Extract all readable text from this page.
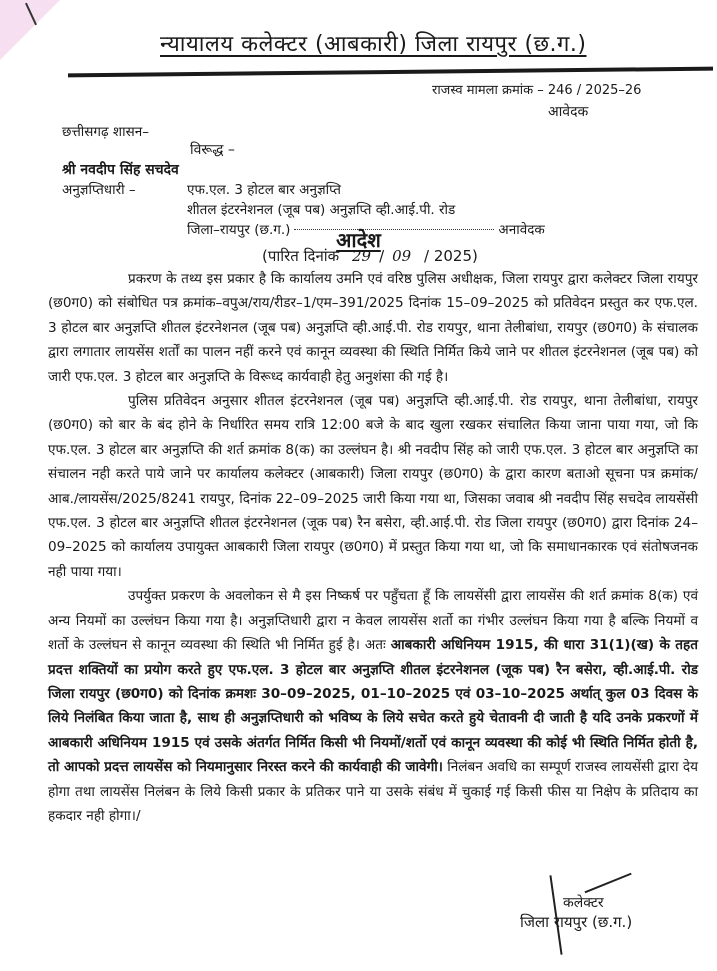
न्यायालय कलेक्टर (आबकारी) जिला रायपुर (छ.ग.)
राजस्व मामला क्रमांक – 246 / 2025–26
आवेदक
छत्तीसगढ़ शासन–
विरूद्ध –
श्री नवदीप सिंह सचदेव
अनुज्ञप्तिधारी –	एफ.एल. 3 होटल बार अनुज्ञप्ति
शीतल इंटरनेशनल (जूब पब) अनुज्ञप्ति व्ही.आई.पी. रोड
जिला–रायपुर (छ.ग.)	अनावेदक
आदेश
(पारित दिनांक 29 / 09 / 2025)

प्रकरण के तथ्य इस प्रकार है कि कार्यालय उमनि एवं वरिष्ठ पुलिस अधीक्षक, जिला रायपुर द्वारा कलेक्टर जिला रायपुर (छ0ग0) को संबोधित पत्र क्रमांक–वपुअ/राय/रीडर–1/एम–391/2025 दिनांक 15–09–2025 को प्रतिवेदन प्रस्तुत कर एफ.एल. 3 होटल बार अनुज्ञप्ति शीतल इंटरनेशनल (जूब पब) अनुज्ञप्ति व्ही.आई.पी. रोड रायपुर, थाना तेलीबांधा, रायपुर (छ0ग0) के संचालक द्वारा लगातार लायसेंस शर्तों का पालन नहीं करने एवं कानून व्यवस्था की स्थिति निर्मित किये जाने पर शीतल इंटरनेशनल (जूब पब) को जारी एफ.एल. 3 होटल बार अनुज्ञप्ति के विरूध्द कार्यवाही हेतु अनुशंसा की गई है।

पुलिस प्रतिवेदन अनुसार शीतल इंटरनेशनल (जूब पब) अनुज्ञप्ति व्ही.आई.पी. रोड रायपुर, थाना तेलीबांधा, रायपुर (छ0ग0) को बार के बंद होने के निर्धारित समय रात्रि 12:00 बजे के बाद खुला रखकर संचालित किया जाना पाया गया, जो कि एफ.एल. 3 होटल बार अनुज्ञप्ति की शर्त क्रमांक 8(क) का उल्लंघन है। श्री नवदीप सिंह को जारी एफ.एल. 3 होटल बार अनुज्ञप्ति का संचालन नही करते पाये जाने पर कार्यालय कलेक्टर (आबकारी) जिला रायपुर (छ0ग0) के द्वारा कारण बताओ सूचना पत्र क्रमांक/आब./लायसेंस/2025/8241 रायपुर, दिनांक 22–09–2025 जारी किया गया था, जिसका जवाब श्री नवदीप सिंह सचदेव लायसेंसी एफ.एल. 3 होटल बार अनुज्ञप्ति शीतल इंटरनेशनल (जूक पब) रैन बसेरा, व्ही.आई.पी. रोड जिला रायपुर (छ0ग0) द्वारा दिनांक 24–09–2025 को कार्यालय उपायुक्त आबकारी जिला रायपुर (छ0ग0) में प्रस्तुत किया गया था, जो कि समाधानकारक एवं संतोषजनक नही पाया गया।

उपर्युक्त प्रकरण के अवलोकन से मै इस निष्कर्ष पर पहुँचता हूँ कि लायसेंसी द्वारा लायसेंस की शर्त क्रमांक 8(क) एवं अन्य नियमों का उल्लंघन किया गया है। अनुज्ञप्तिधारी द्वारा न केवल लायसेंस शर्तो का गंभीर उल्लंघन किया गया है बल्कि नियमों व शर्तो के उल्लंघन से कानून व्यवस्था की स्थिति भी निर्मित हुई है। अतः आबकारी अधिनियम 1915, की धारा 31(1)(ख) के तहत प्रदत्त शक्तियों का प्रयोग करते हुए एफ.एल. 3 होटल बार अनुज्ञप्ति शीतल इंटरनेशनल (जूक पब) रैन बसेरा, व्ही.आई.पी. रोड जिला रायपुर (छ0ग0) को दिनांक क्रमशः 30–09–2025, 01–10–2025 एवं 03–10–2025 अर्थात् कुल 03 दिवस के लिये निलंबित किया जाता है, साथ ही अनुज्ञप्तिधारी को भविष्य के लिये सचेत करते हुये चेतावनी दी जाती है यदि उनके प्रकरणों में आबकारी अधिनियम 1915 एवं उसके अंतर्गत निर्मित किसी भी नियमों/शर्तो एवं कानून व्यवस्था की कोई भी स्थिति निर्मित होती है, तो आपको प्रदत्त लायसेंस को नियमानुसार निरस्त करने की कार्यवाही की जावेगी। निलंबन अवधि का सम्पूर्ण राजस्व लायसेंसी द्वारा देय होगा तथा लायसेंस निलंबन के लिये किसी प्रकार के प्रतिकर पाने या उसके संबंध में चुकाई गई किसी फीस या निक्षेप के प्रतिदाय का हकदार नही होगा।/

कलेक्टर
जिला रायपुर (छ.ग.)
